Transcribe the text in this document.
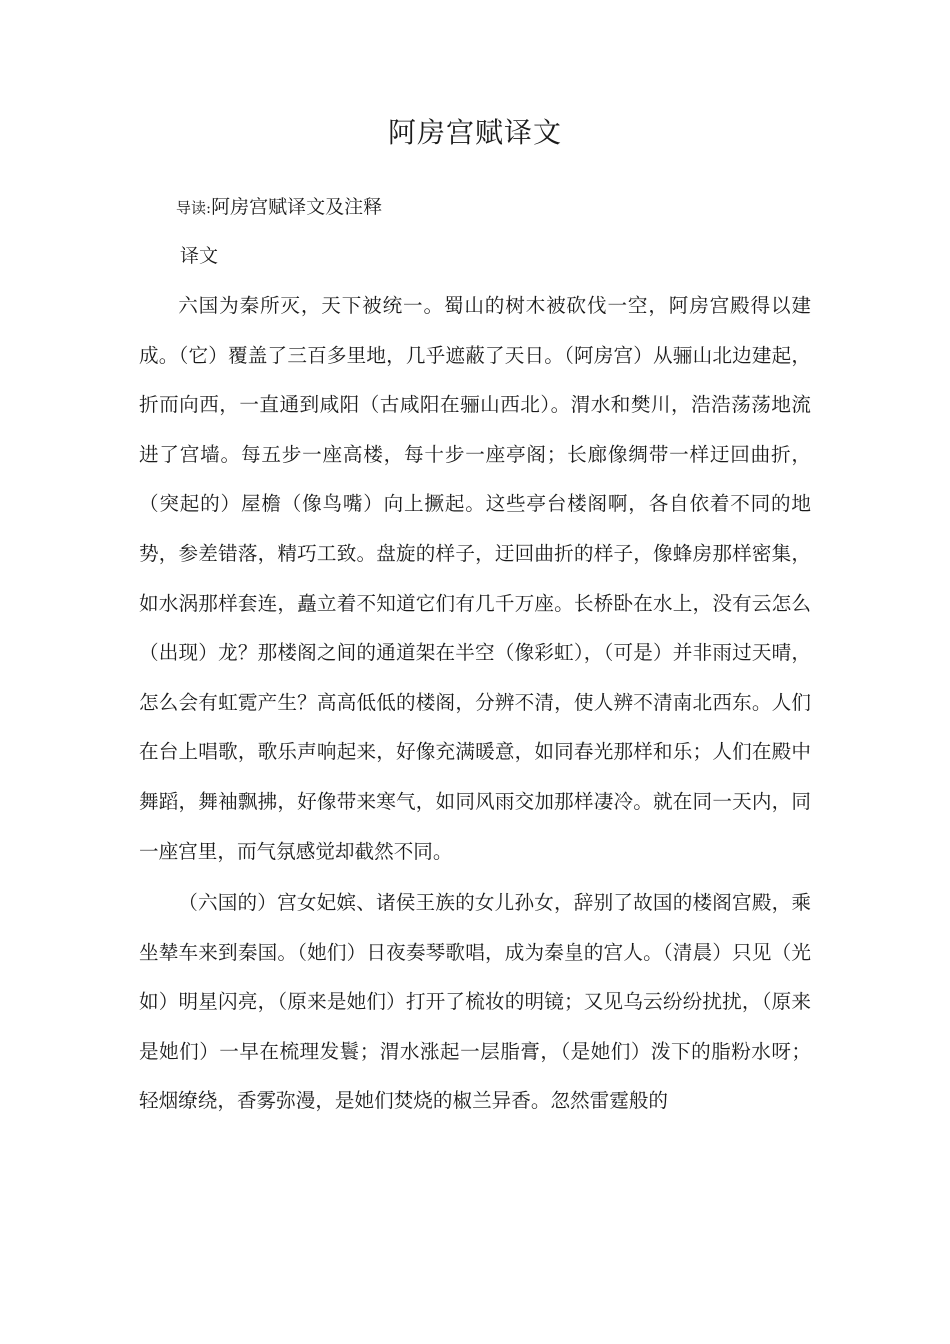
阿房宫赋译文
导读:阿房宫赋译文及注释
译文

六国为秦所灭，天下被统一。蜀山的树木被砍伐一空，阿房宫殿得以建成。（它）覆盖了三百多里地，几乎遮蔽了天日。（阿房宫）从骊山北边建起，折而向西，一直通到咸阳（古咸阳在骊山西北）。渭水和樊川，浩浩荡荡地流进了宫墙。每五步一座高楼，每十步一座亭阁；长廊像绸带一样迂回曲折，（突起的）屋檐（像鸟嘴）向上撅起。这些亭台楼阁啊，各自依着不同的地势，参差错落，精巧工致。盘旋的样子，迂回曲折的样子，像蜂房那样密集，如水涡那样套连，矗立着不知道它们有几千万座。长桥卧在水上，没有云怎么（出现）龙？那楼阁之间的通道架在半空（像彩虹），（可是）并非雨过天晴，怎么会有虹霓产生？高高低低的楼阁，分辨不清，使人辨不清南北西东。人们在台上唱歌，歌乐声响起来，好像充满暖意，如同春光那样和乐；人们在殿中舞蹈，舞袖飘拂，好像带来寒气，如同风雨交加那样凄冷。就在同一天内，同一座宫里，而气氛感觉却截然不同。

（六国的）宫女妃嫔、诸侯王族的女儿孙女，辞别了故国的楼阁宫殿，乘坐辇车来到秦国。（她们）日夜奏琴歌唱，成为秦皇的宫人。（清晨）只见（光如）明星闪亮，（原来是她们）打开了梳妆的明镜；又见乌云纷纷扰扰，（原来是她们）一早在梳理发鬟；渭水涨起一层脂膏，（是她们）泼下的脂粉水呀；轻烟缭绕，香雾弥漫，是她们焚烧的椒兰异香。忽然雷霆般的
